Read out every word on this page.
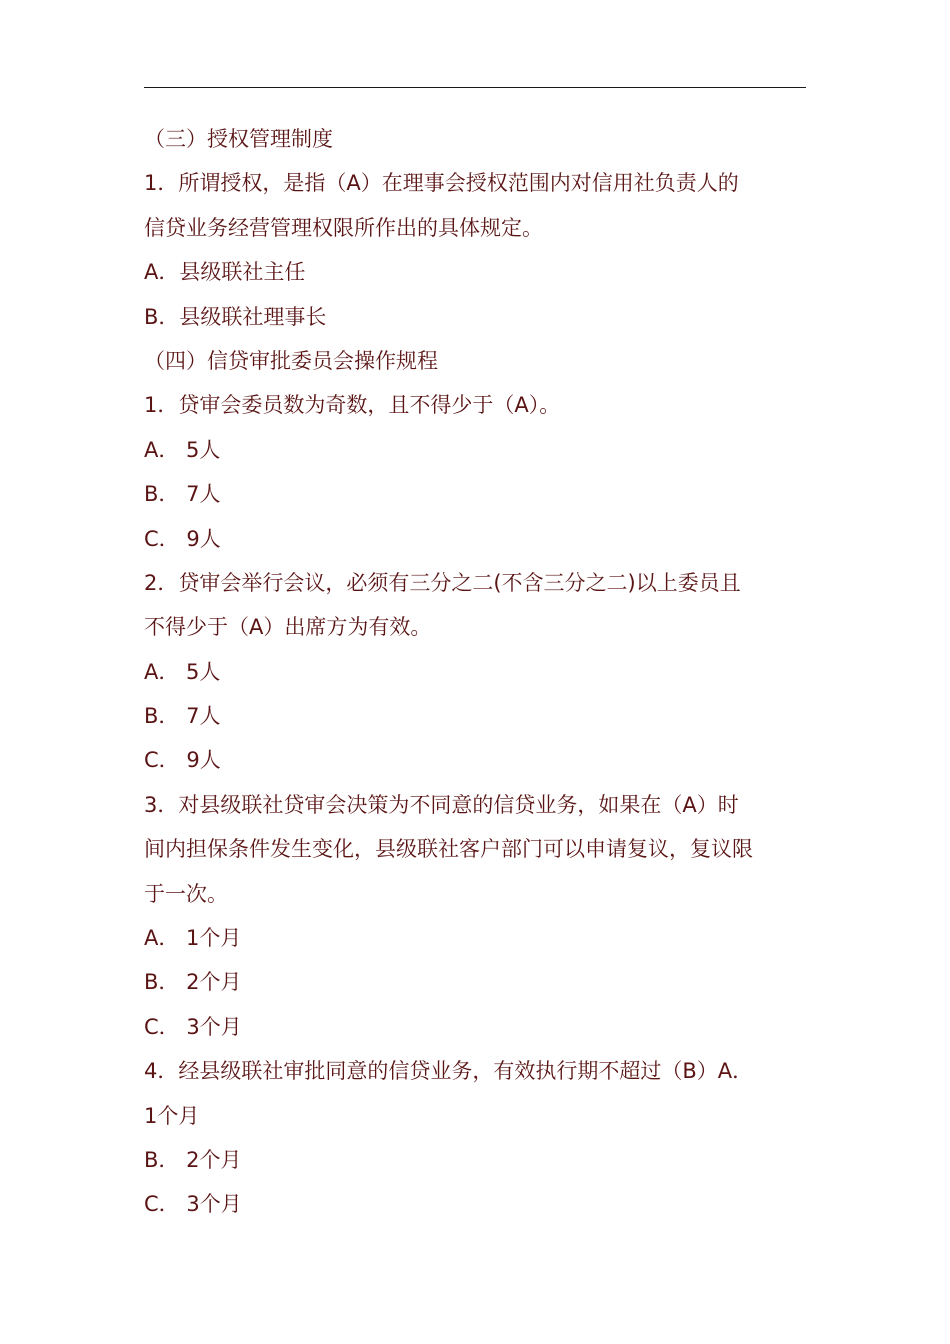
（三）授权管理制度
1．所谓授权，是指（A）在理事会授权范围内对信用社负责人的
信贷业务经营管理权限所作出的具体规定。
A．县级联社主任
B．县级联社理事长
（四）信贷审批委员会操作规程
1．贷审会委员数为奇数，且不得少于（A）。
A． 5人
B． 7人
C． 9人
2．贷审会举行会议，必须有三分之二(不含三分之二)以上委员且
不得少于（A）出席方为有效。
A． 5人
B． 7人
C． 9人
3．对县级联社贷审会决策为不同意的信贷业务，如果在（A）时
间内担保条件发生变化，县级联社客户部门可以申请复议，复议限
于一次。
A． 1个月
B． 2个月
C． 3个月
4．经县级联社审批同意的信贷业务，有效执行期不超过（B）A．
1个月
B． 2个月
C． 3个月
